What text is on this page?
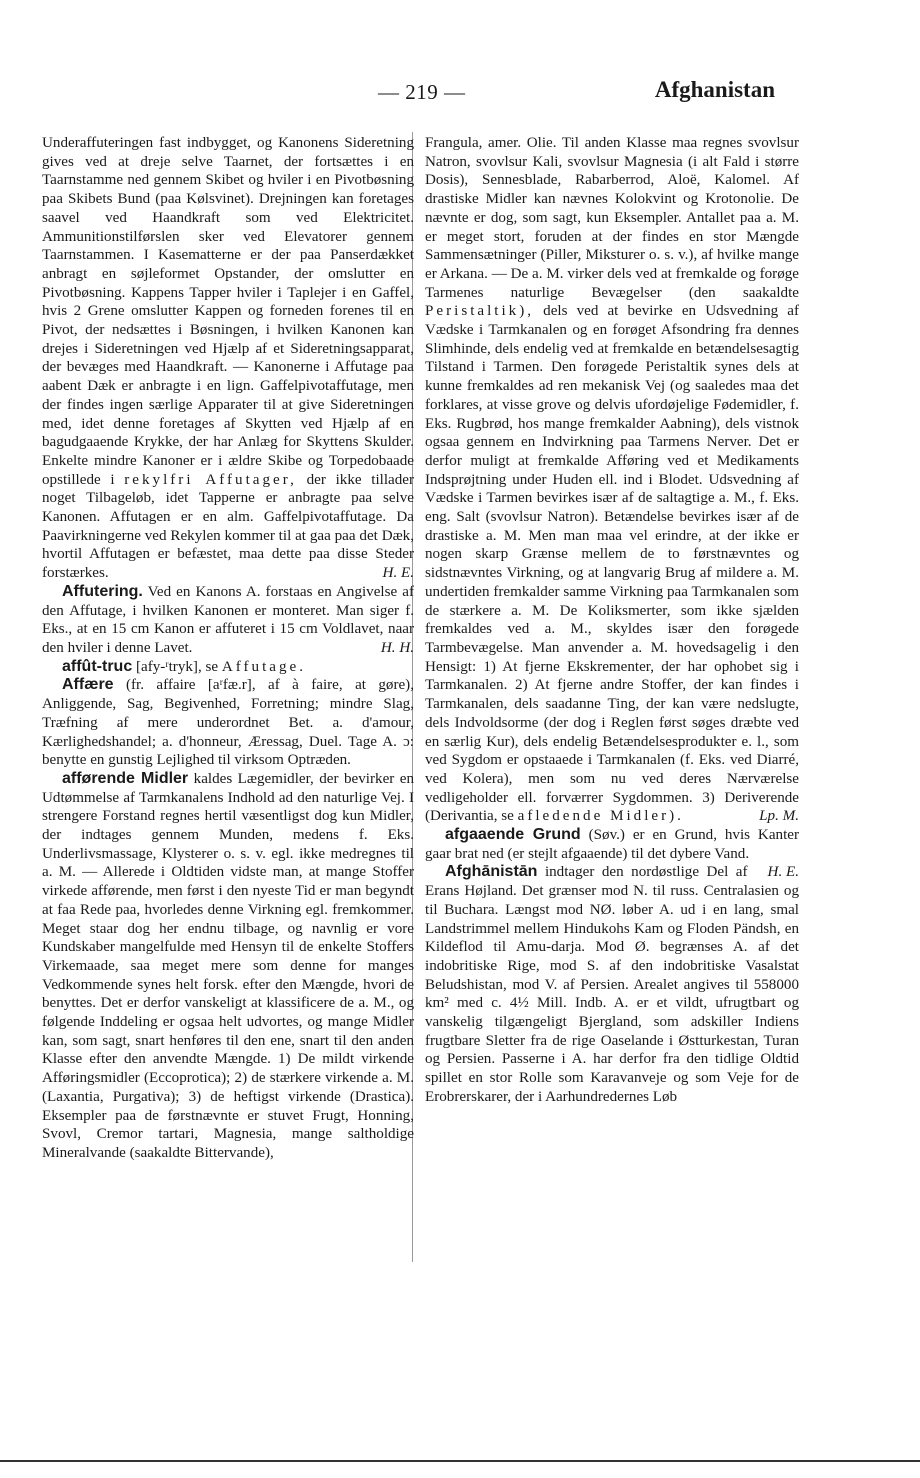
— 219 —	Afghanistan

Underaffuteringen fast indbygget, og Kanonens Sideretning gives ved at dreje selve Taarnet, der fortsættes i en Taarnstamme ned gennem Skibet og hviler i en Pivotbøsning paa Skibets Bund (paa Kølsvinet). Drejningen kan foretages saavel ved Haandkraft som ved Elektricitet. Ammunitionstilførslen sker ved Elevatorer gennem Taarnstammen. I Kasematterne er der paa Panserdækket anbragt en søjleformet Opstander, der omslutter en Pivotbøsning. Kappens Tapper hviler i Taplejer i en Gaffel, hvis 2 Grene omslutter Kappen og forneden forenes til en Pivot, der nedsættes i Bøsningen, i hvilken Kanonen kan drejes i Sideretningen ved Hjælp af et Sideretningsapparat, der bevæges med Haandkraft. — Kanonerne i Affutage paa aabent Dæk er anbragte i en lign. Gaffelpivotaffutage, men der findes ingen særlige Apparater til at give Sideretningen med, idet denne foretages af Skytten ved Hjælp af en bagudgaaende Krykke, der har Anlæg for Skyttens Skulder. Enkelte mindre Kanoner er i ældre Skibe og Torpedobaade opstillede i rekylfri Affutager, der ikke tillader noget Tilbageløb, idet Tapperne er anbragte paa selve Kanonen. Affutagen er en alm. Gaffelpivotaffutage. Da Paavirkningerne ved Rekylen kommer til at gaa paa det Dæk, hvortil Affutagen er befæstet, maa dette paa disse Steder forstærkes.	H. E.

Affutering. Ved en Kanons A. forstaas en Angivelse af den Affutage, i hvilken Kanonen er monteret. Man siger f. Eks., at en 15 cm Kanon er affuteret i 15 cm Voldlavet, naar den hviler i denne Lavet.	H. H.

affût-truc [afy-ʳtryk], se Affutage.

Affære (fr. affaire [aʳfæ.r], af à faire, at gøre), Anliggende, Sag, Begivenhed, Forretning; mindre Slag, Træfning af mere underordnet Bet. a. d'amour, Kærlighedshandel; a. d'honneur, Æressag, Duel. Tage A. ɔ: benytte en gunstig Lejlighed til virksom Optræden.

afførende Midler kaldes Lægemidler, der bevirker en Udtømmelse af Tarmkanalens Indhold ad den naturlige Vej. I strengere Forstand regnes hertil væsentligst dog kun Midler, der indtages gennem Munden, medens f. Eks. Underlivsmassage, Klysterer o. s. v. egl. ikke medregnes til a. M. — Allerede i Oldtiden vidste man, at mange Stoffer virkede afførende, men først i den nyeste Tid er man begyndt at faa Rede paa, hvorledes denne Virkning egl. fremkommer. Meget staar dog her endnu tilbage, og navnlig er vore Kundskaber mangelfulde med Hensyn til de enkelte Stoffers Virkemaade, saa meget mere som denne for manges Vedkommende synes helt forsk. efter den Mængde, hvori de benyttes. Det er derfor vanskeligt at klassificere de a. M., og følgende Inddeling er ogsaa helt udvortes, og mange Midler kan, som sagt, snart henføres til den ene, snart til den anden Klasse efter den anvendte Mængde. 1) De mildt virkende Afføringsmidler (Eccoprotica); 2) de stærkere virkende a. M. (Laxantia, Purgativa); 3) de heftigst virkende (Drastica). Eksempler paa de førstnævnte er stuvet Frugt, Honning, Svovl, Cremor tartari, Magnesia, mange saltholdige Mineralvande (saakaldte Bittervande),

Frangula, amer. Olie. Til anden Klasse maa regnes svovlsur Natron, svovlsur Kali, svovlsur Magnesia (i alt Fald i større Dosis), Sennesblade, Rabarberrod, Aloë, Kalomel. Af drastiske Midler kan nævnes Kolokvint og Krotonolie. De nævnte er dog, som sagt, kun Eksempler. Antallet paa a. M. er meget stort, foruden at der findes en stor Mængde Sammensætninger (Piller, Miksturer o. s. v.), af hvilke mange er Arkana. — De a. M. virker dels ved at fremkalde og forøge Tarmenes naturlige Bevægelser (den saakaldte Peristaltik), dels ved at bevirke en Udsvedning af Vædske i Tarmkanalen og en forøget Afsondring fra dennes Slimhinde, dels endelig ved at fremkalde en betændelsesagtig Tilstand i Tarmen. Den forøgede Peristaltik synes dels at kunne fremkaldes ad ren mekanisk Vej (og saaledes maa det forklares, at visse grove og delvis ufordøjelige Fødemidler, f. Eks. Rugbrød, hos mange fremkalder Aabning), dels vistnok ogsaa gennem en Indvirkning paa Tarmens Nerver. Det er derfor muligt at fremkalde Afføring ved et Medikaments Indsprøjtning under Huden ell. ind i Blodet. Udsvedning af Vædske i Tarmen bevirkes især af de saltagtige a. M., f. Eks. eng. Salt (svovlsur Natron). Betændelse bevirkes især af de drastiske a. M. Men man maa vel erindre, at der ikke er nogen skarp Grænse mellem de to førstnævntes og sidstnævntes Virkning, og at langvarig Brug af mildere a. M. undertiden fremkalder samme Virkning paa Tarmkanalen som de stærkere a. M. De Koliksmerter, som ikke sjælden fremkaldes ved a. M., skyldes især den forøgede Tarmbevægelse. Man anvender a. M. hovedsagelig i den Hensigt: 1) At fjerne Ekskrementer, der har ophobet sig i Tarmkanalen. 2) At fjerne andre Stoffer, der kan findes i Tarmkanalen, dels saadanne Ting, der kan være nedslugte, dels Indvoldsorme (der dog i Reglen først søges dræbte ved en særlig Kur), dels endelig Betændelsesprodukter e. l., som ved Sygdom er opstaaede i Tarmkanalen (f. Eks. ved Diarré, ved Kolera), men som nu ved deres Nærværelse vedligeholder ell. forværrer Sygdommen. 3) Deriverende (Derivantia, se afledende Midler).	Lp. M.

afgaaende Grund (Søv.) er en Grund, hvis Kanter gaar brat ned (er stejlt afgaaende) til det dybere Vand.
H. E.

Afghānistān indtager den nordøstlige Del af Erans Højland. Det grænser mod N. til russ. Centralasien og til Buchara. Længst mod NØ. løber A. ud i en lang, smal Landstrimmel mellem Hindukohs Kam og Floden Pändsh, en Kildeflod til Amu-darja. Mod Ø. begrænses A. af det indobritiske Rige, mod S. af den indobritiske Vasalstat Beludshistan, mod V. af Persien. Arealet angives til 558000 km² med c. 4½ Mill. Indb. A. er et vildt, ufrugtbart og vanskelig tilgængeligt Bjergland, som adskiller Indiens frugtbare Sletter fra de rige Oaselande i Østturkestan, Turan og Persien. Passerne i A. har derfor fra den tidlige Oldtid spillet en stor Rolle som Karavanveje og som Veje for de Erobrerskarer, der i Aarhundredernes Løb
